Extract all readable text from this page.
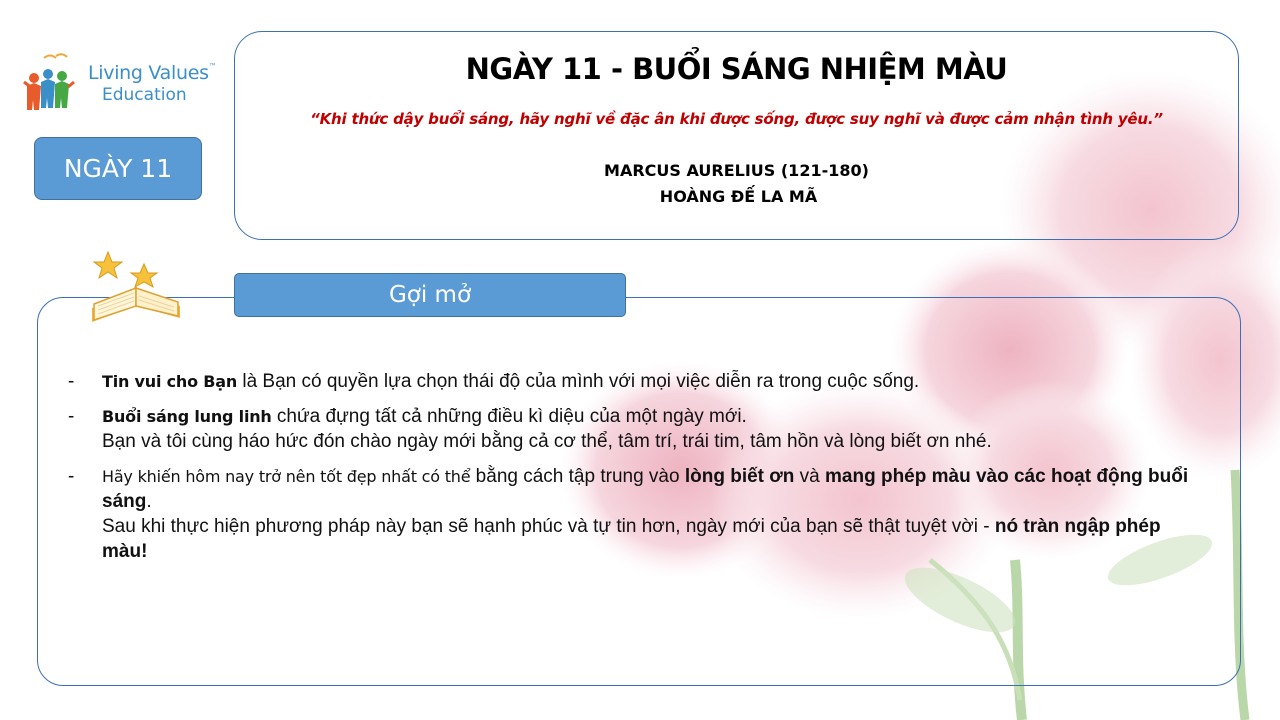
Living Values™
Education
NGÀY 11
NGÀY 11 - BUỔI SÁNG NHIỆM MÀU
“Khi thức dậy buổi sáng, hãy nghĩ về đặc ân khi được sống, được suy nghĩ và được cảm nhận tình yêu.”
MARCUS AURELIUS (121-180)
HOÀNG ĐẾ LA MÃ
Gợi mở
- Tin vui cho Bạn là Bạn có quyền lựa chọn thái độ của mình với mọi việc diễn ra trong cuộc sống.
- Buổi sáng lung linh chứa đựng tất cả những điều kì diệu của một ngày mới.
Bạn và tôi cùng háo hức đón chào ngày mới bằng cả cơ thể, tâm trí, trái tim, tâm hồn và lòng biết ơn nhé.
- Hãy khiến hôm nay trở nên tốt đẹp nhất có thể bằng cách tập trung vào lòng biết ơn và mang phép màu vào các hoạt động buổi sáng.
Sau khi thực hiện phương pháp này bạn sẽ hạnh phúc và tự tin hơn, ngày mới của bạn sẽ thật tuyệt vời - nó tràn ngập phép màu!
